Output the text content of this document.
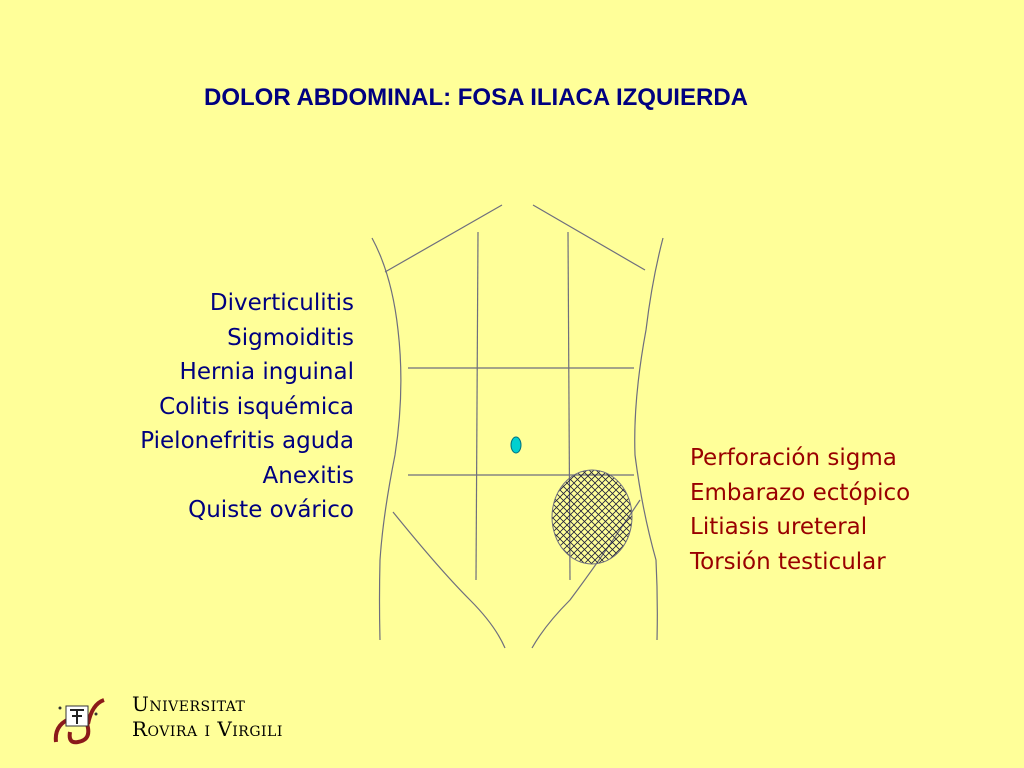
DOLOR ABDOMINAL: FOSA ILIACA IZQUIERDA
Diverticulitis
Sigmoiditis
Hernia inguinal
Colitis isquémica
Pielonefritis aguda
Anexitis
Quiste ovárico
Perforación sigma
Embarazo ectópico
Litiasis ureteral
Torsión testicular
Universitat
Rovira i Virgili
